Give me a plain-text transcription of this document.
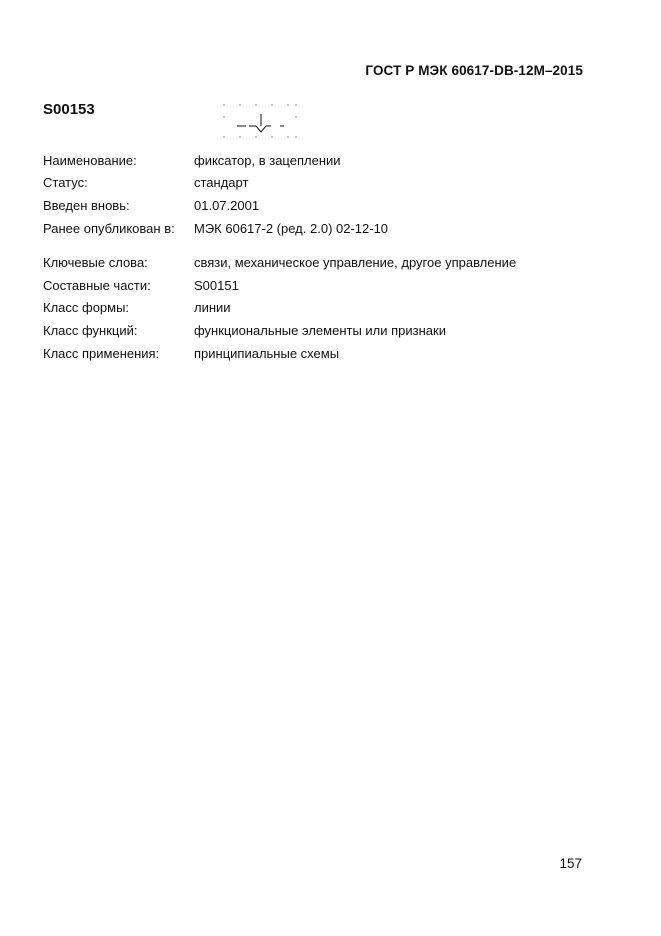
ГОСТ Р МЭК 60617-DB-12M–2015
S00153
Наименование:	фиксатор, в зацеплении
Статус:	стандарт
Введен вновь:	01.07.2001
Ранее опубликован в:	МЭК 60617-2 (ред. 2.0) 02-12-10
Ключевые слова:	связи, механическое управление, другое управление
Составные части:	S00151
Класс формы:	линии
Класс функций:	функциональные элементы или признаки
Класс применения:	принципиальные схемы
157
